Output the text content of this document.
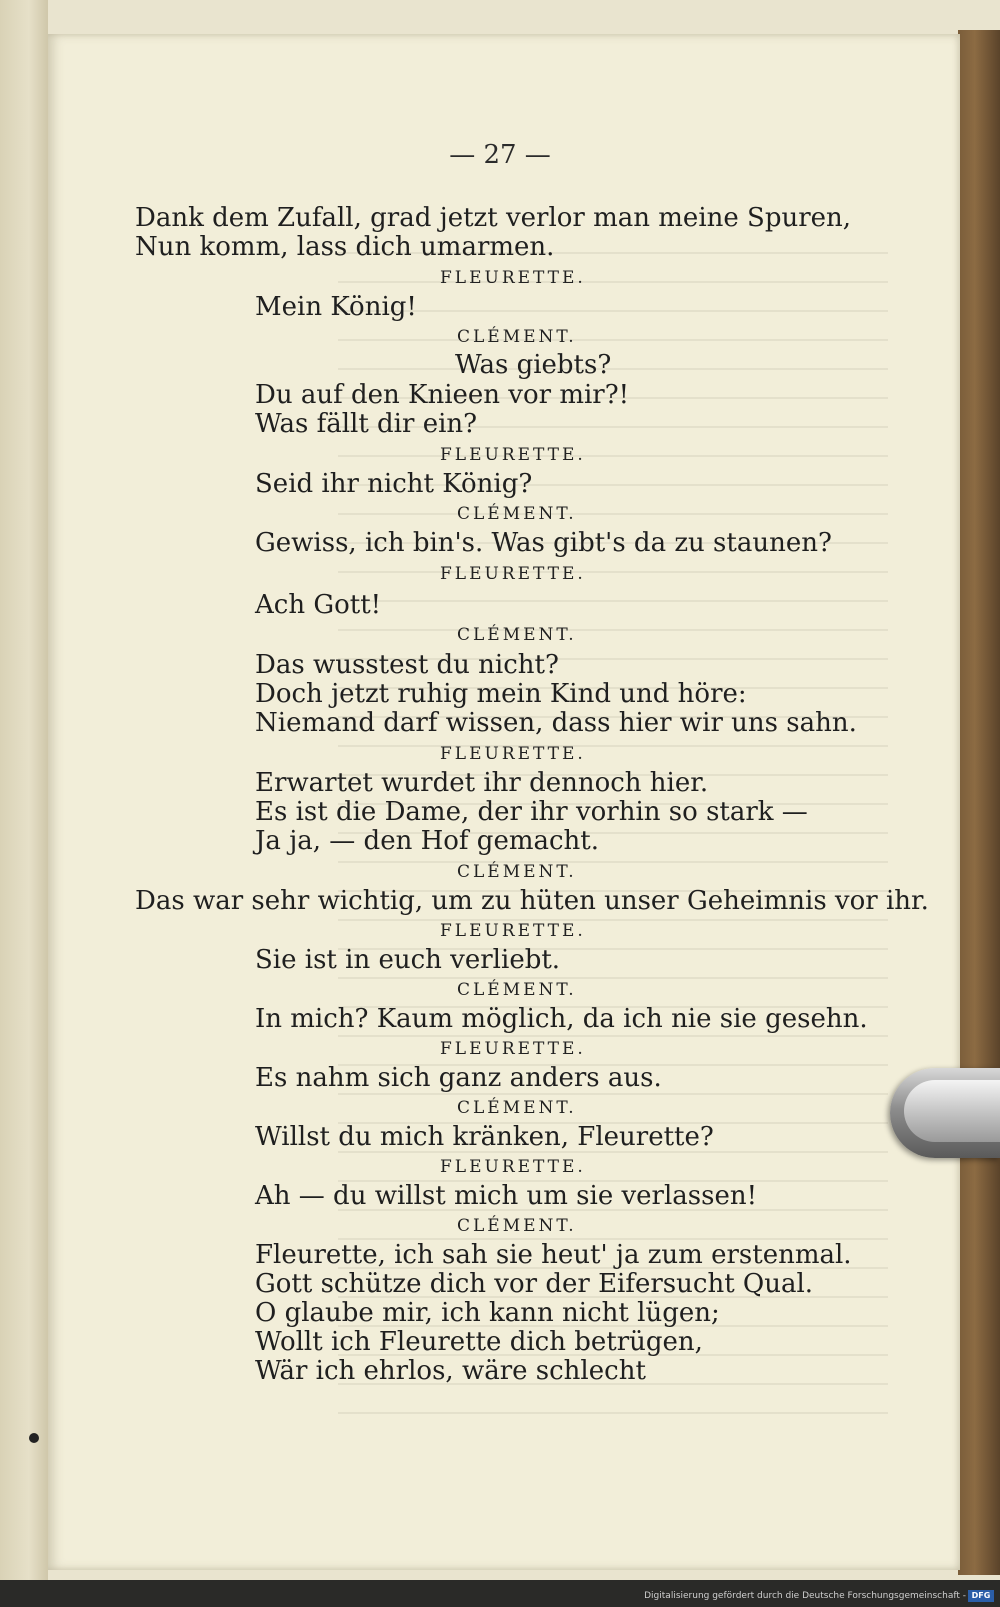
— 27 —
Dank dem Zufall, grad jetzt verlor man meine Spuren,
Nun komm, lass dich umarmen.
FLEURETTE.
Mein König!
CLÉMENT.
Was giebts?
Du auf den Knieen vor mir?!
Was fällt dir ein?
FLEURETTE.
Seid ihr nicht König?
CLÉMENT.
Gewiss, ich bin's. Was gibt's da zu staunen?
FLEURETTE.
Ach Gott!
CLÉMENT.
Das wusstest du nicht?
Doch jetzt ruhig mein Kind und höre:
Niemand darf wissen, dass hier wir uns sahn.
FLEURETTE.
Erwartet wurdet ihr dennoch hier.
Es ist die Dame, der ihr vorhin so stark —
Ja ja, — den Hof gemacht.
CLÉMENT.
Das war sehr wichtig, um zu hüten unser Geheimnis vor ihr.
FLEURETTE.
Sie ist in euch verliebt.
CLÉMENT.
In mich? Kaum möglich, da ich nie sie gesehn.
FLEURETTE.
Es nahm sich ganz anders aus.
CLÉMENT.
Willst du mich kränken, Fleurette?
FLEURETTE.
Ah — du willst mich um sie verlassen!
CLÉMENT.
Fleurette, ich sah sie heut' ja zum erstenmal.
Gott schütze dich vor der Eifersucht Qual.
O glaube mir, ich kann nicht lügen;
Wollt ich Fleurette dich betrügen,
Wär ich ehrlos, wäre schlecht
Digitalisierung gefördert durch die Deutsche Forschungsgemeinschaft - DFG
